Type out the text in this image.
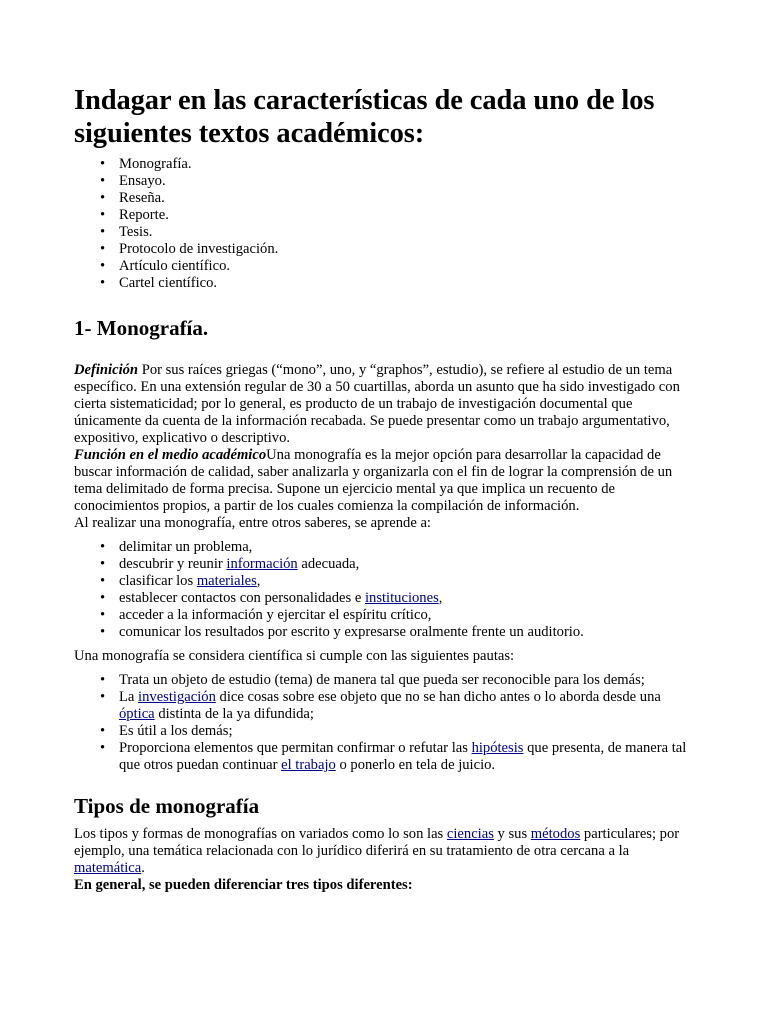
Indagar en las características de cada uno de los siguientes textos académicos:
• Monografía.
• Ensayo.
• Reseña.
• Reporte.
• Tesis.
• Protocolo de investigación.
• Artículo científico.
• Cartel científico.
1- Monografía.

Definición Por sus raíces griegas (“mono”, uno, y “graphos”, estudio), se refiere al estudio de un tema específico. En una extensión regular de 30 a 50 cuartillas, aborda un asunto que ha sido investigado con cierta sistematicidad; por lo general, es producto de un trabajo de investigación documental que únicamente da cuenta de la información recabada. Se puede presentar como un trabajo argumentativo, expositivo, explicativo o descriptivo.

Función en el medio académicoUna monografía es la mejor opción para desarrollar la capacidad de buscar información de calidad, saber analizarla y organizarla con el fin de lograr la comprensión de un tema delimitado de forma precisa. Supone un ejercicio mental ya que implica un recuento de conocimientos propios, a partir de los cuales comienza la compilación de información.

Al realizar una monografía, entre otros saberes, se aprende a:

• delimitar un problema,
• descubrir y reunir información adecuada,
• clasificar los materiales,
• establecer contactos con personalidades e instituciones,
• acceder a la información y ejercitar el espíritu crítico,
• comunicar los resultados por escrito y expresarse oralmente frente un auditorio.

Una monografía se considera científica si cumple con las siguientes pautas:

• Trata un objeto de estudio (tema) de manera tal que pueda ser reconocible para los demás;
• La investigación dice cosas sobre ese objeto que no se han dicho antes o lo aborda desde una óptica distinta de la ya difundida;
• Es útil a los demás;
• Proporciona elementos que permitan confirmar o refutar las hipótesis que presenta, de manera tal que otros puedan continuar el trabajo o ponerlo en tela de juicio.
Tipos de monografía

Los tipos y formas de monografías on variados como lo son las ciencias y sus métodos particulares; por ejemplo, una temática relacionada con lo jurídico diferirá en su tratamiento de otra cercana a la matemática.

En general, se pueden diferenciar tres tipos diferentes:
